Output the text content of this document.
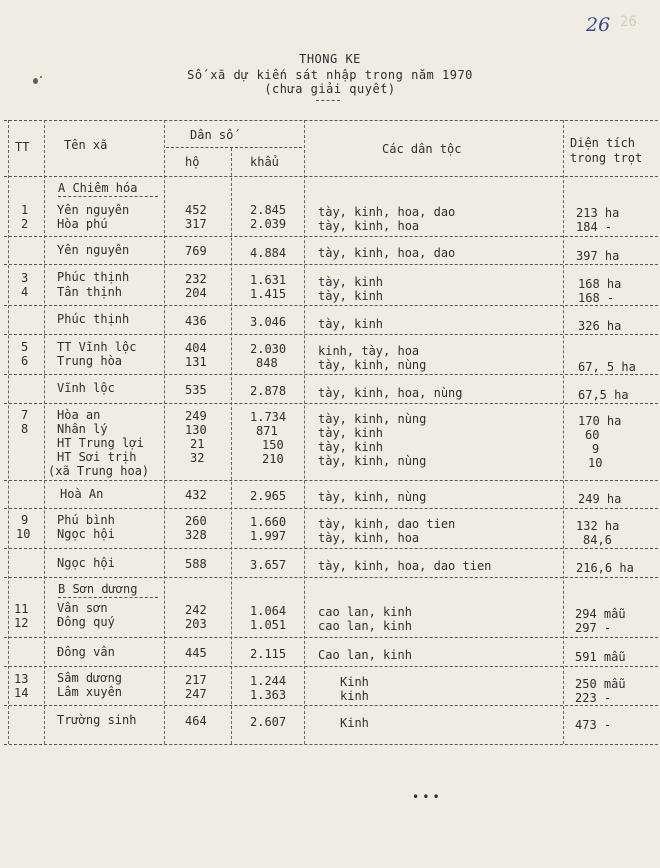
26 26
THONG KE
Số xã dự kiến sát nhập trong năm 1970
(chưa giải quyết)
TT	Tên xã
Dân số
hộ	khẩu
Các dân tộc	Diện tích
trong trọt
A Chiêm hóa
1 Yên nguyên	452	2.845	tày, kinh, hoa, dao	213 ha
2 Hòa phú	317	2.039	tày, kinh, hoa	184 -
Yên nguyên	769	4.884	tày, kinh, hoa, dao	397 ha
3 Phúc thịnh	232	1.631	tày, kinh	168 ha
4 Tân thịnh	204	1.415	tày, kinh	168 -
Phúc thịnh	436	3.046	tày, kinh	326 ha
5 TT Vĩnh lộc	404	2.030	kinh, tày, hoa
6 Trung hòa	131	848	tày, kinh, nùng	67, 5 ha
Vĩnh lộc	535	2.878	tày, kinh, hoa, nùng	67,5 ha
7 Hòa an	249	1.734	tày, kinh, nùng	170 ha
8 Nhân lý	130	871	tày, kinh	60
HT Trung lợi	21	150	tày, kinh	9
HT Sơi trịh	32	210	tày, kinh, nùng	10
(xã Trung hoa)
Hoà An	432	2.965	tày, kinh, nùng	249 ha
9 Phú bình	260	1.660	tày, kinh, dao tien	132 ha
10 Ngọc hội	328	1.997	tày, kinh, hoa	84,6
Ngọc hội	588	3.657	tày, kinh, hoa, dao tien	216,6 ha
B Sơn dương
11 Vân sơn	242	1.064	cao lan, kinh	294 mẫu
12 Đông quý	203	1.051	cao lan, kinh	297 -
Đông vân	445	2.115	Cao lan, kinh	591 mẫu
13 Sâm dương	217	1.244	Kinh	250 mẫu
14 Lâm xuyên	247	1.363	kinh	223 -
Trường sinh	464	2.607	Kinh	473 -
•••
